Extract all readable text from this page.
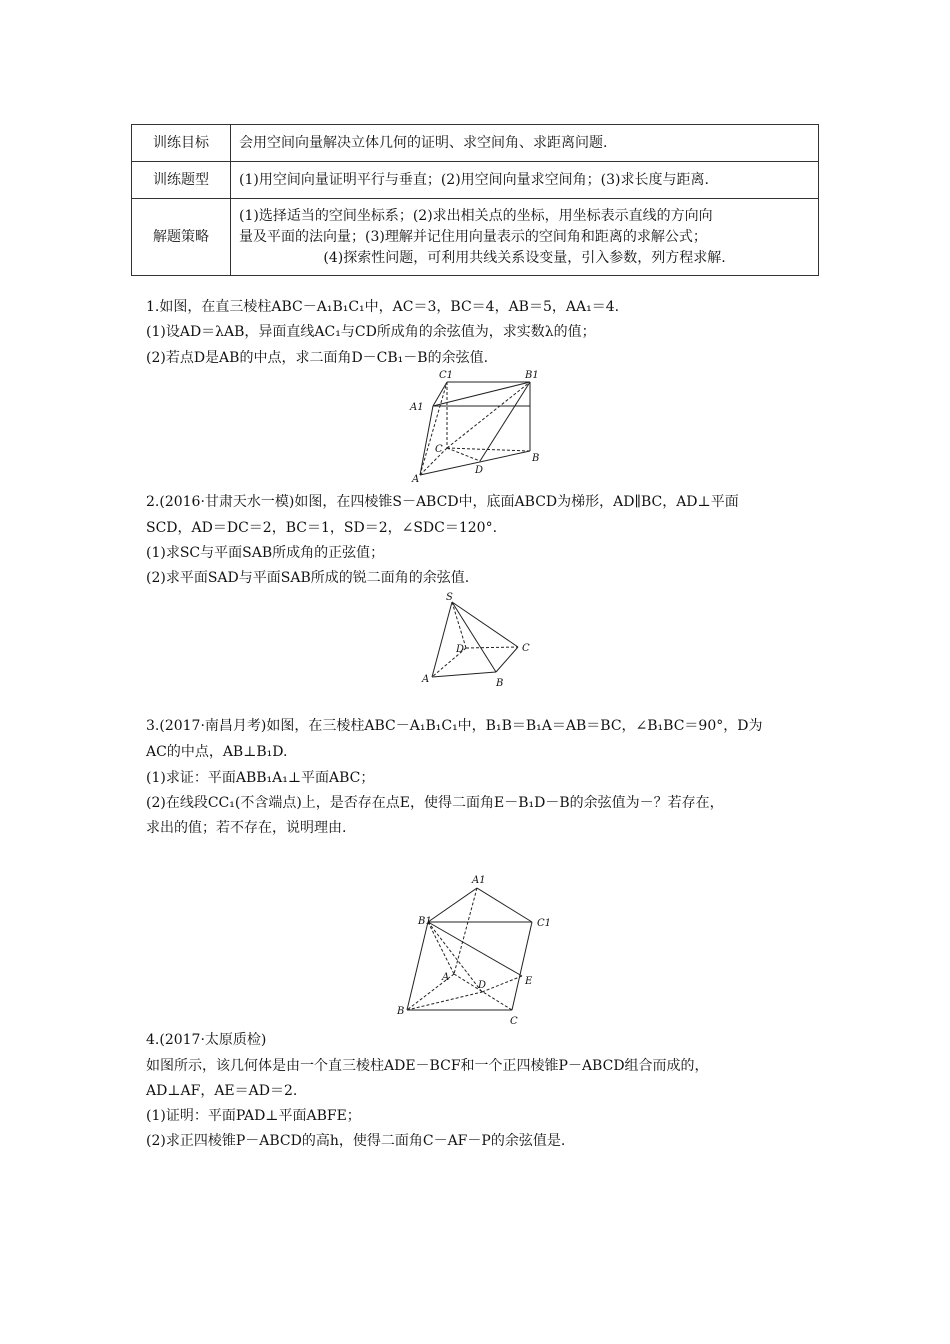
训练目标	会用空间向量解决立体几何的证明、求空间角、求距离问题.
训练题型	(1)用空间向量证明平行与垂直；(2)用空间向量求空间角；(3)求长度与距离.
解题策略	(1)选择适当的空间坐标系；(2)求出相关点的坐标，用坐标表示直线的方向向
量及平面的法向量；(3)理解并记住用向量表示的空间角和距离的求解公式；
(4)探索性问题，可利用共线关系设变量，引入参数，列方程求解.
1.如图，在直三棱柱ABC－A₁B₁C₁中，AC＝3，BC＝4，AB＝5，AA₁＝4.
(1)设AD＝λAB，异面直线AC₁与CD所成角的余弦值为，求实数λ的值；
(2)若点D是AB的中点，求二面角D－CB₁－B的余弦值.
C1	B1
A1
C
D
B
A
2.(2016·甘肃天水一模)如图，在四棱锥S－ABCD中，底面ABCD为梯形，AD∥BC，AD⊥平面
SCD，AD＝DC＝2，BC＝1，SD＝2，∠SDC＝120°.
(1)求SC与平面SAB所成角的正弦值；
(2)求平面SAD与平面SAB所成的锐二面角的余弦值.
S
D	C
A	B
3.(2017·南昌月考)如图，在三棱柱ABC－A₁B₁C₁中，B₁B＝B₁A＝AB＝BC，∠B₁BC＝90°，D为
AC的中点，AB⊥B₁D.
(1)求证：平面ABB₁A₁⊥平面ABC；
(2)在线段CC₁(不含端点)上，是否存在点E，使得二面角E－B₁D－B的余弦值为－？若存在，
求出的值；若不存在，说明理由.
A1
B1	C1
A
D	E
B
C
4.(2017·太原质检)
如图所示，该几何体是由一个直三棱柱ADE－BCF和一个正四棱锥P－ABCD组合而成的，
AD⊥AF，AE＝AD＝2.
(1)证明：平面PAD⊥平面ABFE；
(2)求正四棱锥P－ABCD的高h，使得二面角C－AF－P的余弦值是.
